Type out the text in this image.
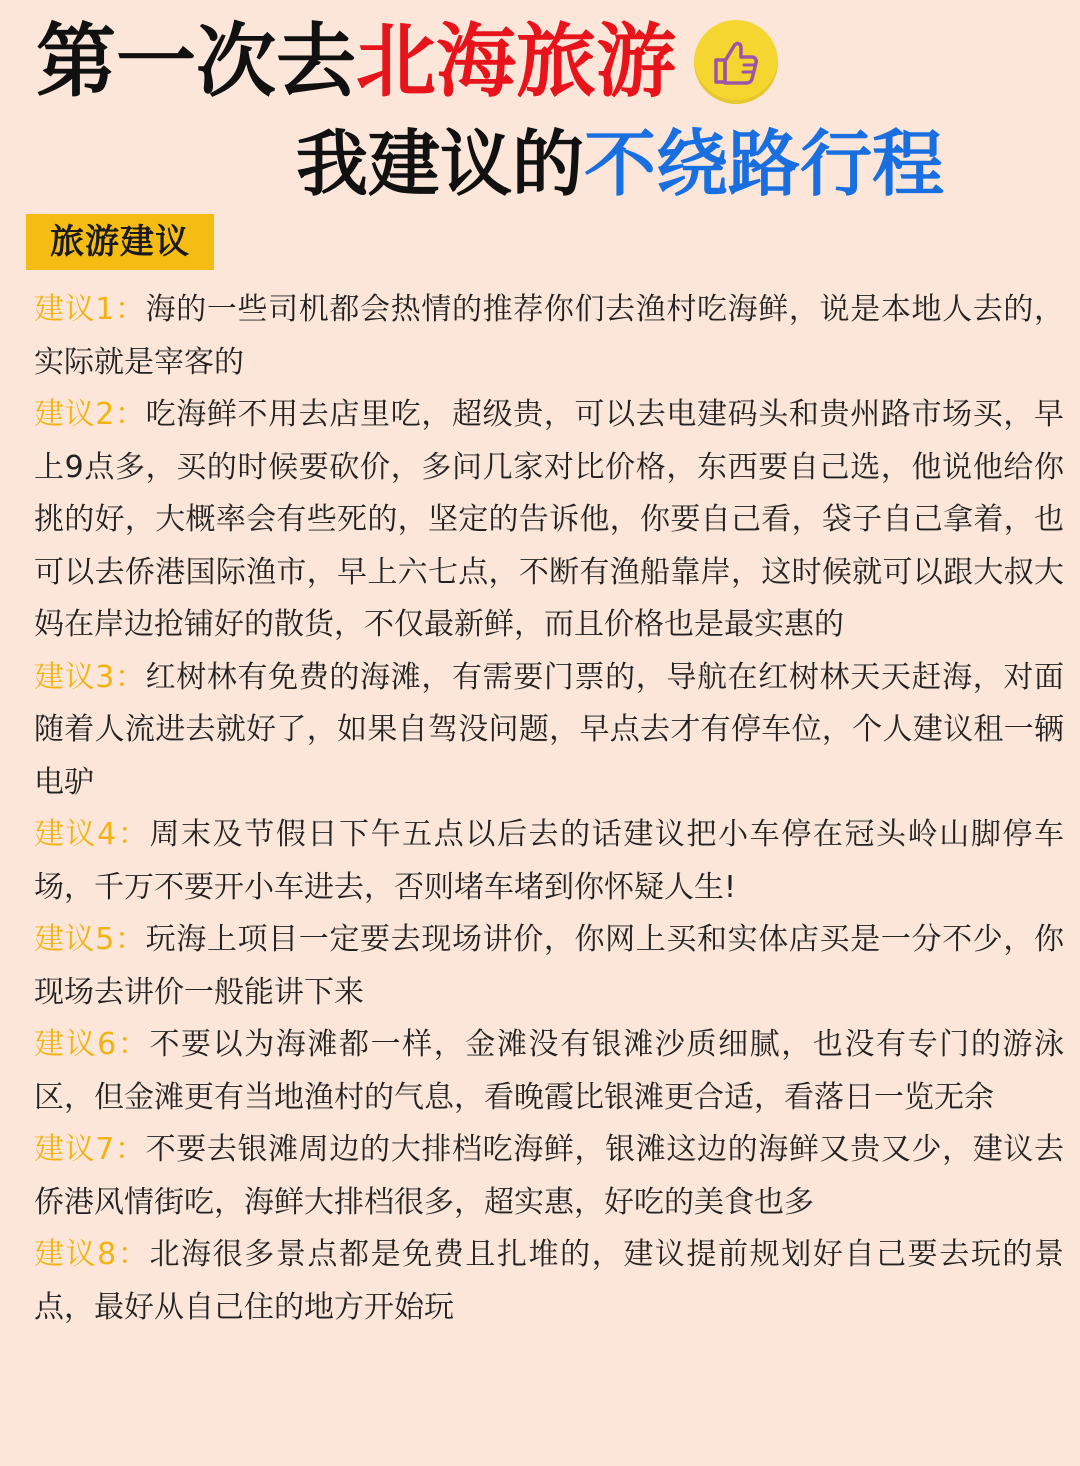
第一次去 北海旅游
我建议的不绕路行程
旅游建议
建议1：海的一些司机都会热情的推荐你们去渔村吃海鲜，说是本地人去的，实际就是宰客的
建议2：吃海鲜不用去店里吃，超级贵，可以去电建码头和贵州路市场买，早上9点多，买的时候要砍价，多问几家对比价格，东西要自己选，他说他给你挑的好，大概率会有些死的，坚定的告诉他，你要自己看，袋子自己拿着，也可以去侨港国际渔市，早上六七点，不断有渔船靠岸，这时候就可以跟大叔大妈在岸边抢铺好的散货，不仅最新鲜，而且价格也是最实惠的
建议3：红树林有免费的海滩，有需要门票的，导航在红树林天天赶海，对面随着人流进去就好了，如果自驾没问题，早点去才有停车位，个人建议租一辆电驴
建议4：周末及节假日下午五点以后去的话建议把小车停在冠头岭山脚停车场，千万不要开小车进去，否则堵车堵到你怀疑人生!
建议5：玩海上项目一定要去现场讲价，你网上买和实体店买是一分不少，你现场去讲价一般能讲下来
建议6：不要以为海滩都一样，金滩没有银滩沙质细腻，也没有专门的游泳区，但金滩更有当地渔村的气息，看晚霞比银滩更合适，看落日一览无余
建议7：不要去银滩周边的大排档吃海鲜，银滩这边的海鲜又贵又少，建议去侨港风情街吃，海鲜大排档很多，超实惠，好吃的美食也多
建议8：北海很多景点都是免费且扎堆的，建议提前规划好自己要去玩的景点，最好从自己住的地方开始玩
